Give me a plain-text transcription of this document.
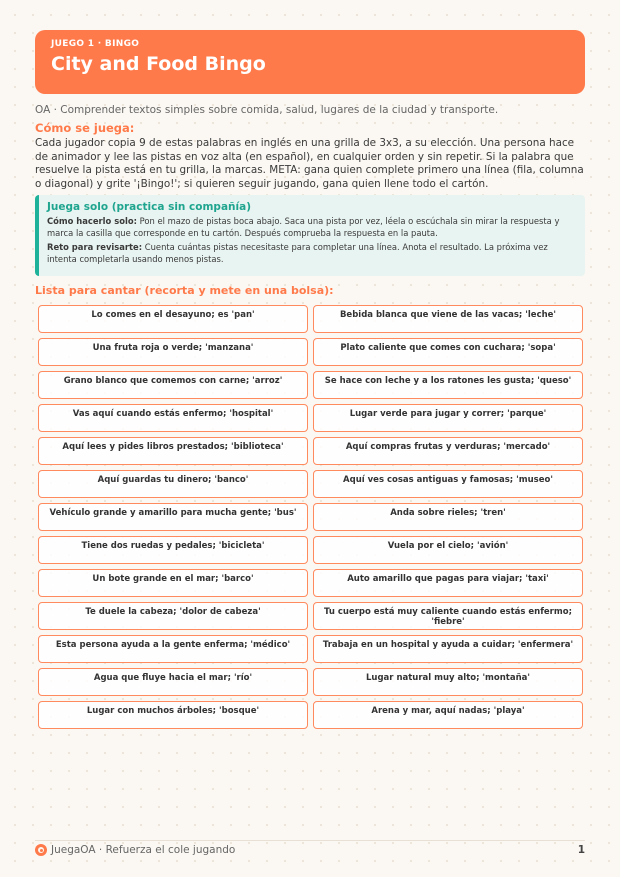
JUEGO 1 · BINGO
City and Food Bingo
OA · Comprender textos simples sobre comida, salud, lugares de la ciudad y transporte.
Cómo se juega:
Cada jugador copia 9 de estas palabras en inglés en una grilla de 3x3, a su elección. Una persona hace de animador y lee las pistas en voz alta (en español), en cualquier orden y sin repetir. Si la palabra que resuelve la pista está en tu grilla, la marcas. META: gana quien complete primero una línea (fila, columna o diagonal) y grite '¡Bingo!'; si quieren seguir jugando, gana quien llene todo el cartón.
Juega solo (practica sin compañía)
Cómo hacerlo solo: Pon el mazo de pistas boca abajo. Saca una pista por vez, léela o escúchala sin mirar la respuesta y marca la casilla que corresponde en tu cartón. Después comprueba la respuesta en la pauta.
Reto para revisarte: Cuenta cuántas pistas necesitaste para completar una línea. Anota el resultado. La próxima vez intenta completarla usando menos pistas.
Lista para cantar (recorta y mete en una bolsa):
Lo comes en el desayuno; es 'pan'	Bebida blanca que viene de las vacas; 'leche'
Una fruta roja o verde; 'manzana'	Plato caliente que comes con cuchara; 'sopa'
Grano blanco que comemos con carne; 'arroz'	Se hace con leche y a los ratones les gusta; 'queso'
Vas aquí cuando estás enfermo; 'hospital'	Lugar verde para jugar y correr; 'parque'
Aquí lees y pides libros prestados; 'biblioteca'	Aquí compras frutas y verduras; 'mercado'
Aquí guardas tu dinero; 'banco'	Aquí ves cosas antiguas y famosas; 'museo'
Vehículo grande y amarillo para mucha gente; 'bus'	Anda sobre rieles; 'tren'
Tiene dos ruedas y pedales; 'bicicleta'	Vuela por el cielo; 'avión'
Un bote grande en el mar; 'barco'	Auto amarillo que pagas para viajar; 'taxi'
Te duele la cabeza; 'dolor de cabeza'	Tu cuerpo está muy caliente cuando estás enfermo; 'fiebre'
Esta persona ayuda a la gente enferma; 'médico'	Trabaja en un hospital y ayuda a cuidar; 'enfermera'
Agua que fluye hacia el mar; 'río'	Lugar natural muy alto; 'montaña'
Lugar con muchos árboles; 'bosque'	Arena y mar, aquí nadas; 'playa'
JuegaOA · Refuerza el cole jugando	1
